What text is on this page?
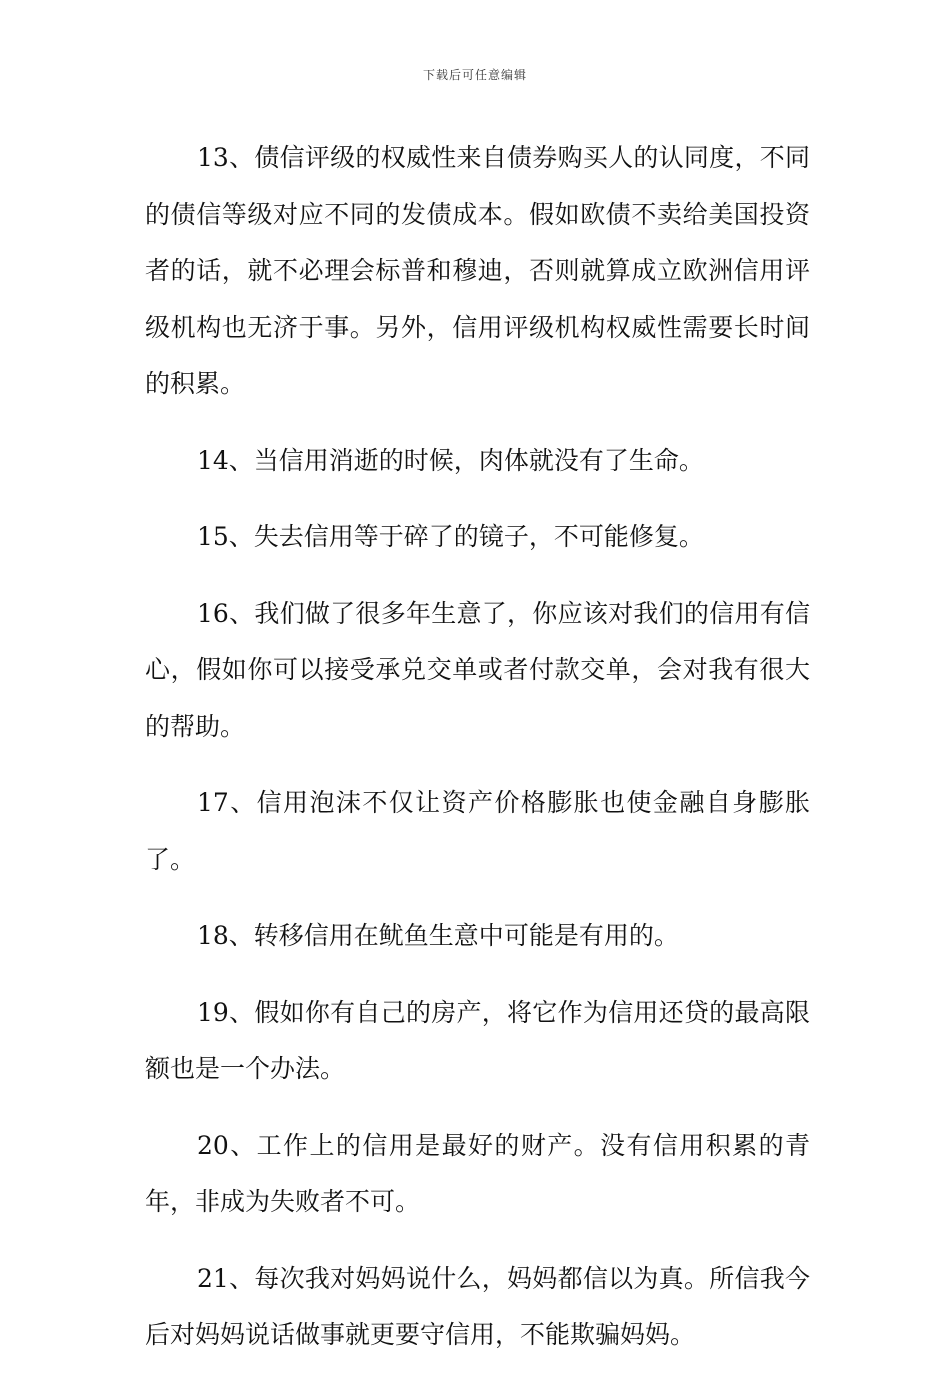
下载后可任意编辑

13、债信评级的权威性来自债券购买人的认同度，不同的债信等级对应不同的发债成本。假如欧债不卖给美国投资者的话，就不必理会标普和穆迪，否则就算成立欧洲信用评级机构也无济于事。另外，信用评级机构权威性需要长时间的积累。

14、当信用消逝的时候，肉体就没有了生命。

15、失去信用等于碎了的镜子，不可能修复。

16、我们做了很多年生意了，你应该对我们的信用有信心，假如你可以接受承兑交单或者付款交单，会对我有很大的帮助。

17、信用泡沫不仅让资产价格膨胀也使金融自身膨胀了。

18、转移信用在鱿鱼生意中可能是有用的。

19、假如你有自己的房产，将它作为信用还贷的最高限额也是一个办法。

20、工作上的信用是最好的财产。没有信用积累的青年，非成为失败者不可。

21、每次我对妈妈说什么，妈妈都信以为真。所信我今后对妈妈说话做事就更要守信用，不能欺骗妈妈。
